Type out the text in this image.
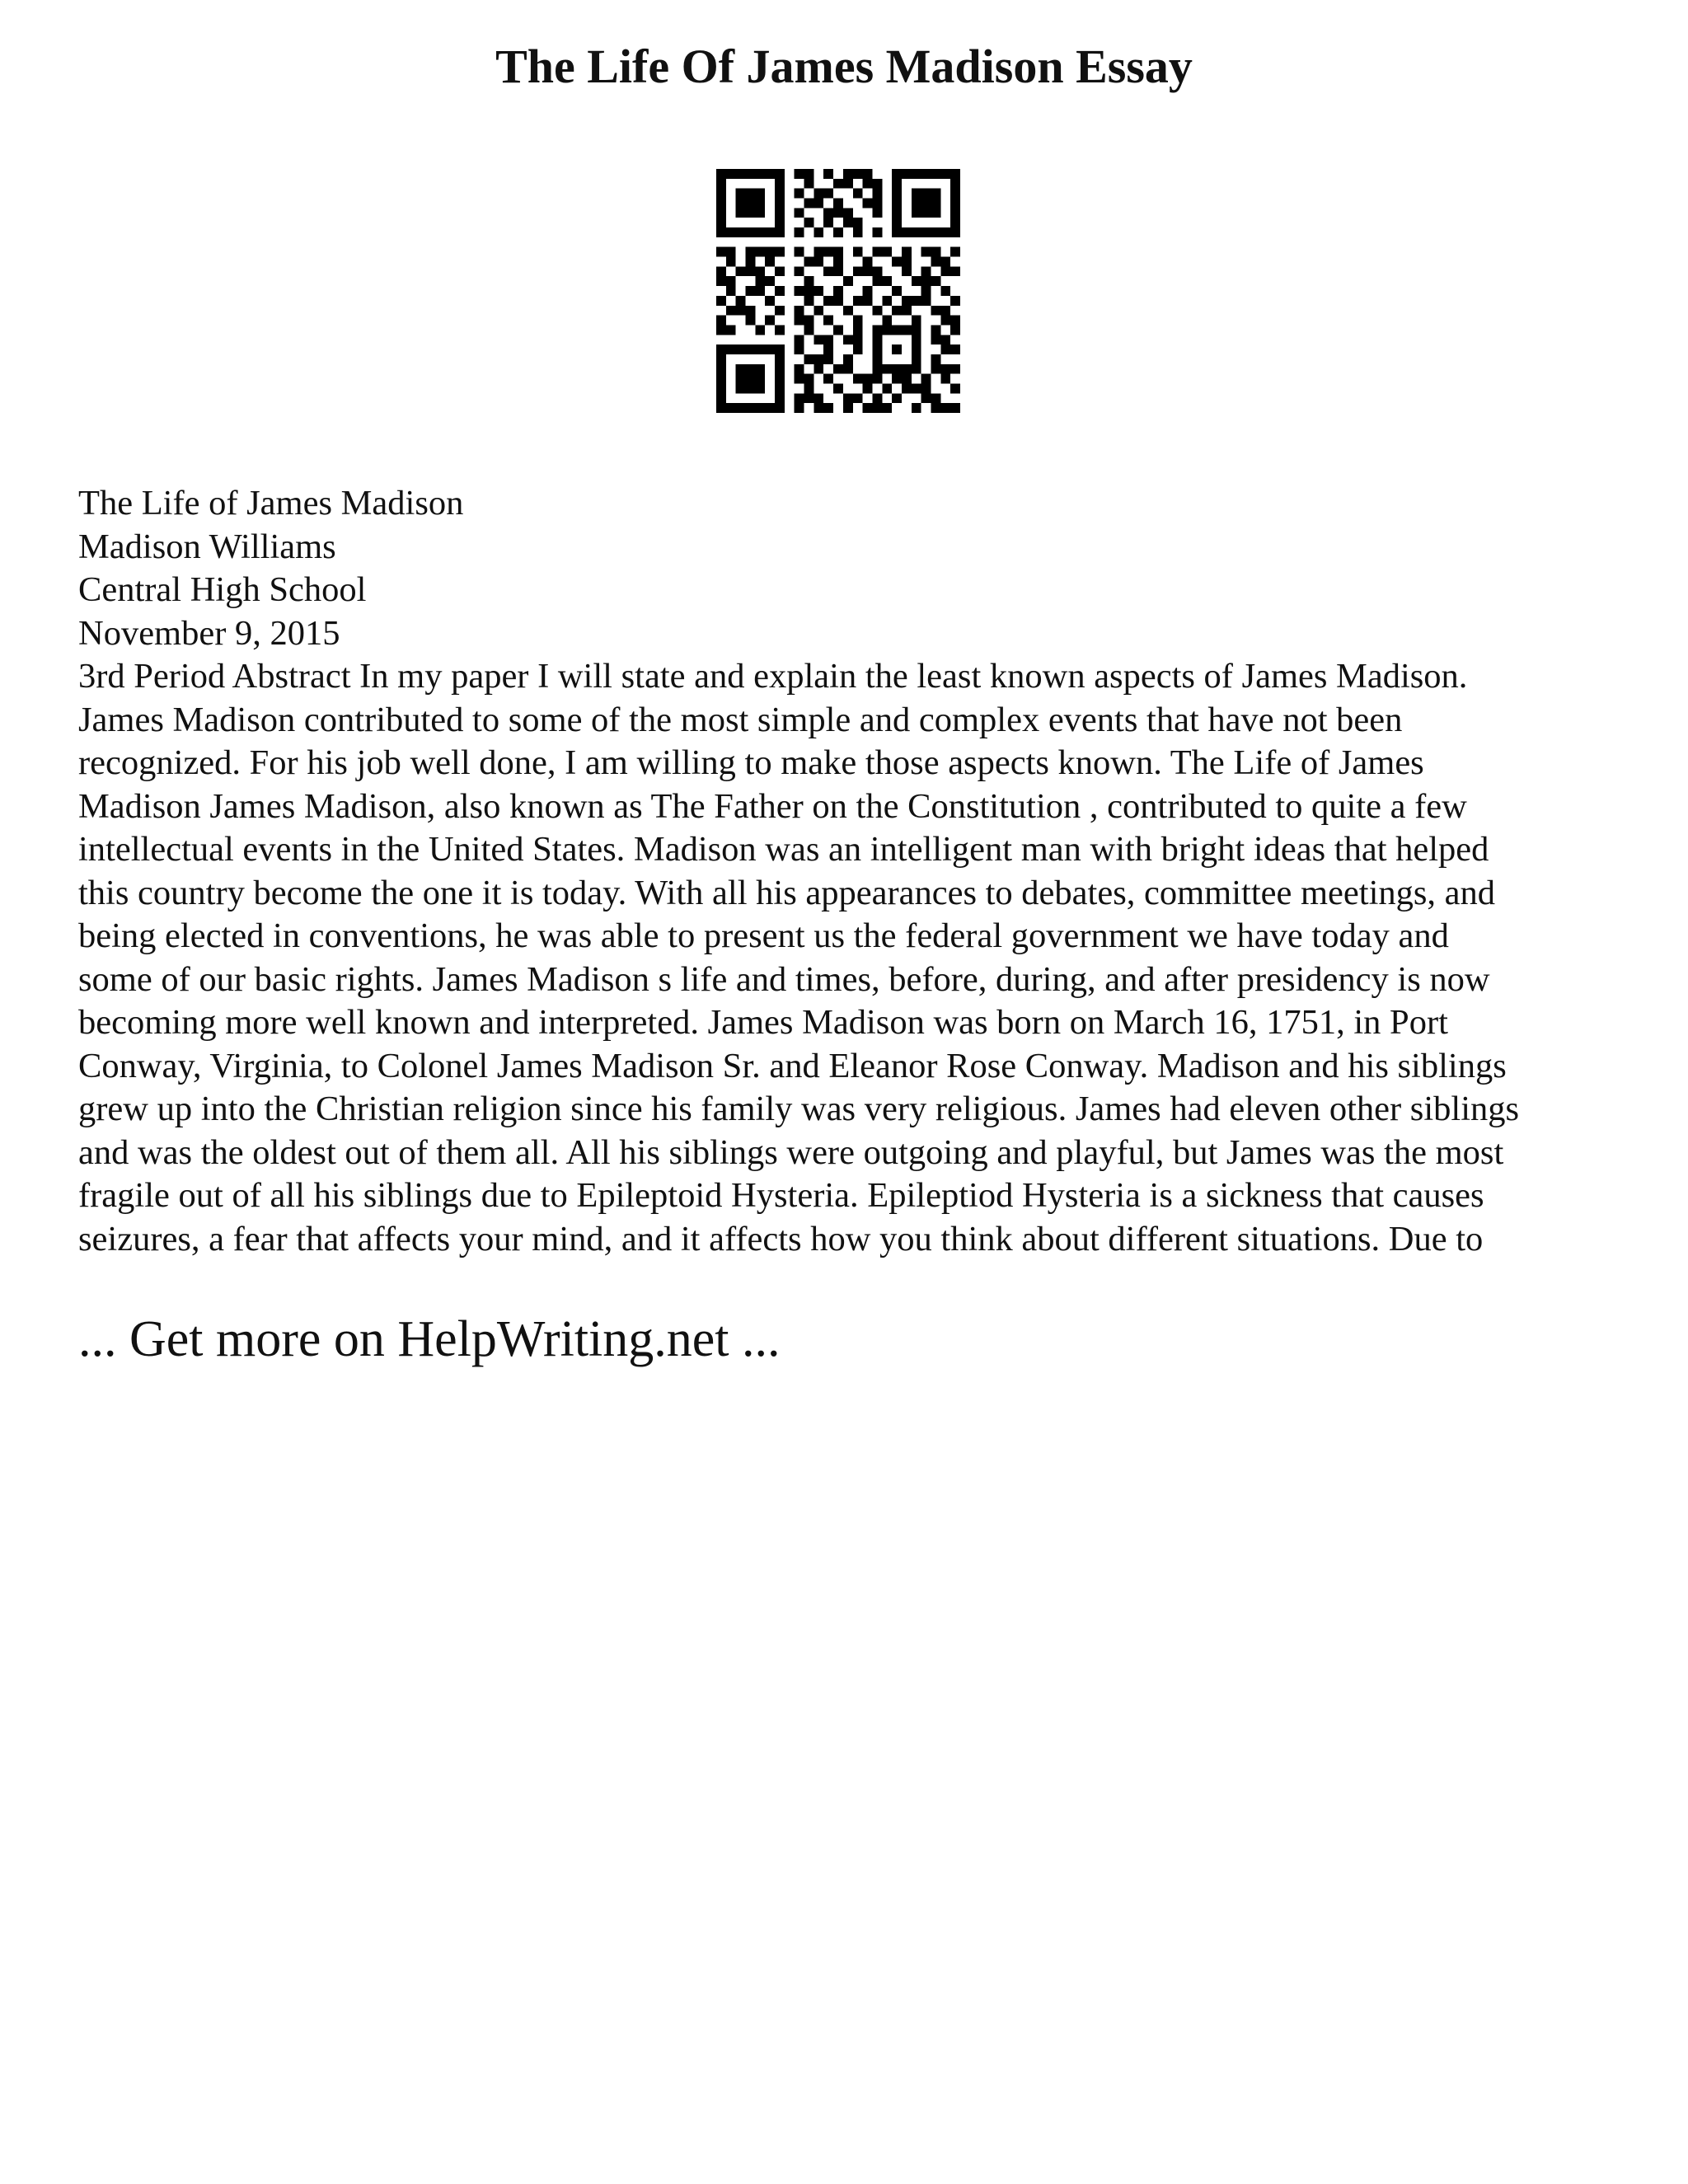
The Life Of James Madison Essay
The Life of James Madison
Madison Williams
Central High School
November 9, 2015
3rd Period Abstract In my paper I will state and explain the least known aspects of James Madison.
James Madison contributed to some of the most simple and complex events that have not been
recognized. For his job well done, I am willing to make those aspects known. The Life of James
Madison James Madison, also known as The Father on the Constitution , contributed to quite a few
intellectual events in the United States. Madison was an intelligent man with bright ideas that helped
this country become the one it is today. With all his appearances to debates, committee meetings, and
being elected in conventions, he was able to present us the federal government we have today and
some of our basic rights. James Madison s life and times, before, during, and after presidency is now
becoming more well known and interpreted. James Madison was born on March 16, 1751, in Port
Conway, Virginia, to Colonel James Madison Sr. and Eleanor Rose Conway. Madison and his siblings
grew up into the Christian religion since his family was very religious. James had eleven other siblings
and was the oldest out of them all. All his siblings were outgoing and playful, but James was the most
fragile out of all his siblings due to Epileptoid Hysteria. Epileptiod Hysteria is a sickness that causes
seizures, a fear that affects your mind, and it affects how you think about different situations. Due to
... Get more on HelpWriting.net ...
